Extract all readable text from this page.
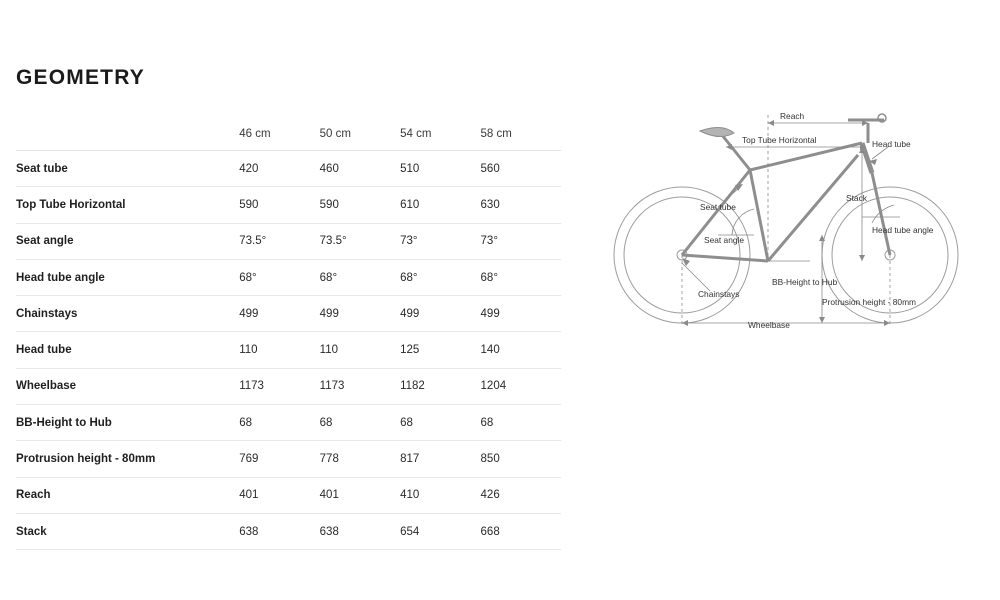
GEOMETRY
	46 cm	50 cm	54 cm	58 cm
Seat tube	420	460	510	560
Top Tube Horizontal	590	590	610	630
Seat angle	73.5°	73.5°	73°	73°
Head tube angle	68°	68°	68°	68°
Chainstays	499	499	499	499
Head tube	110	110	125	140
Wheelbase	1173	1173	1182	1204
BB-Height to Hub	68	68	68	68
Protrusion height - 80mm	769	778	817	850
Reach	401	401	410	426
Stack	638	638	654	668
Reach
Top Tube Horizontal	Head tube
Seat tube
Stack
Seat angle
Head tube angle
BB-Height to Hub
Chainstays
Protrusion height - 80mm
Wheelbase
